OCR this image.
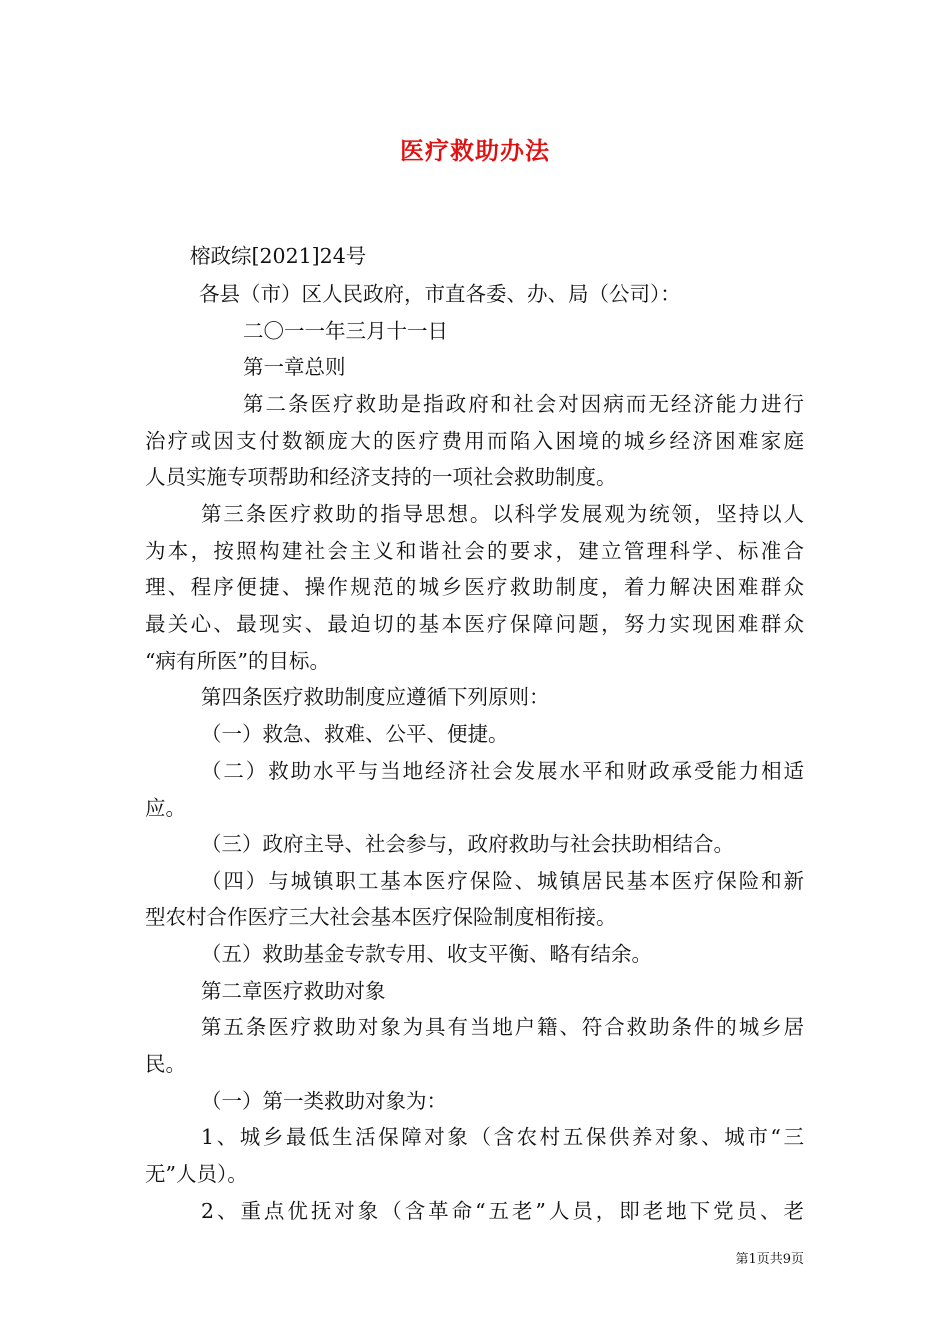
医疗救助办法
榕政综[2021]24号
各县（市）区人民政府，市直各委、办、局（公司）：
二〇一一年三月十一日
第一章总则
第二条医疗救助是指政府和社会对因病而无经济能力进行
治疗或因支付数额庞大的医疗费用而陷入困境的城乡经济困难家庭
人员实施专项帮助和经济支持的一项社会救助制度。
第三条医疗救助的指导思想。以科学发展观为统领，坚持以人
为本，按照构建社会主义和谐社会的要求，建立管理科学、标准合
理、程序便捷、操作规范的城乡医疗救助制度，着力解决困难群众
最关心、最现实、最迫切的基本医疗保障问题，努力实现困难群众
“病有所医”的目标。
第四条医疗救助制度应遵循下列原则：
（一）救急、救难、公平、便捷。
（二）救助水平与当地经济社会发展水平和财政承受能力相适
应。
（三）政府主导、社会参与，政府救助与社会扶助相结合。
（四）与城镇职工基本医疗保险、城镇居民基本医疗保险和新
型农村合作医疗三大社会基本医疗保险制度相衔接。
（五）救助基金专款专用、收支平衡、略有结余。
第二章医疗救助对象
第五条医疗救助对象为具有当地户籍、符合救助条件的城乡居
民。
（一）第一类救助对象为：
1、城乡最低生活保障对象（含农村五保供养对象、城市“三
无”人员）。
2、重点优抚对象（含革命“五老”人员，即老地下党员、老
第1页共9页
